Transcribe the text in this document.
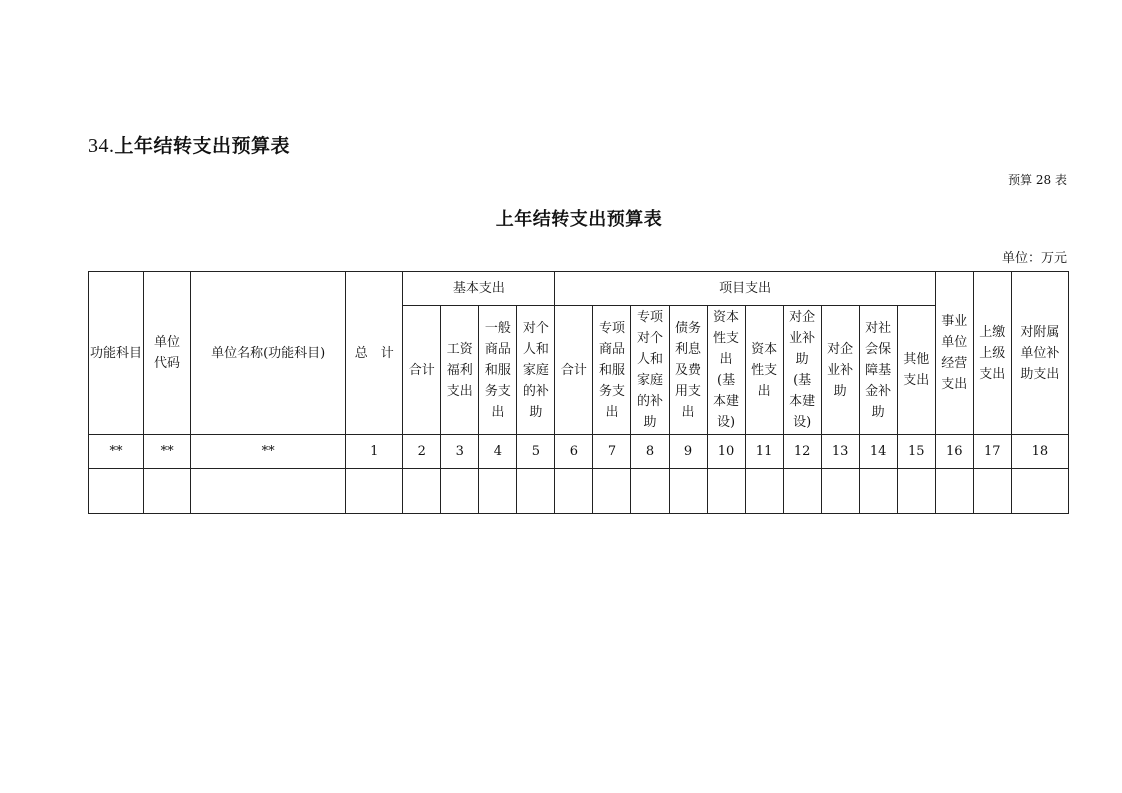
34.上年结转支出预算表
预算 28 表
上年结转支出预算表
单位：万元
功能科目	单位代码	单位名称(功能科目)	总　计	基本支出				项目支出										事业单位经营支出	上缴上级支出	对附属单位补助支出

				合计	工资福利支出	一般商品和服务支出	对个人和家庭的补助	合计	专项商品和服务支出	专项对个人和家庭的补助	债务利息及费用支出	资本性支出(基本建设)	资本性支出	对企业补助(基本建设)	对企业补助	对社会保障基金补助	其他支出			

**	**	**	1	2	3	4	5	6	7	8	9	10	11	12	13	14	15	16	17	18
